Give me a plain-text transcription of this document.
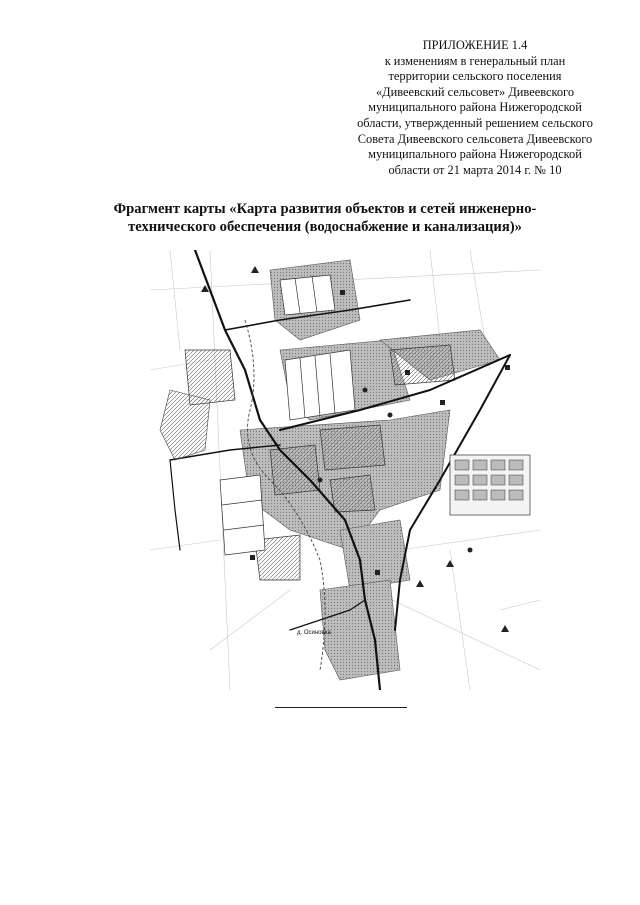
ПРИЛОЖЕНИЕ 1.4
к изменениям в генеральный план
территории сельского поселения
«Дивеевский сельсовет» Дивеевского
муниципального района Нижегородской
области, утвержденный решением сельского
Совета Дивеевского сельсовета Дивеевского
муниципального района Нижегородской
области от 21 марта 2014 г. № 10
Фрагмент карты «Карта развития объектов и сетей инженерно-
технического обеспечения (водоснабжение и канализация)»
д. Осиновка
